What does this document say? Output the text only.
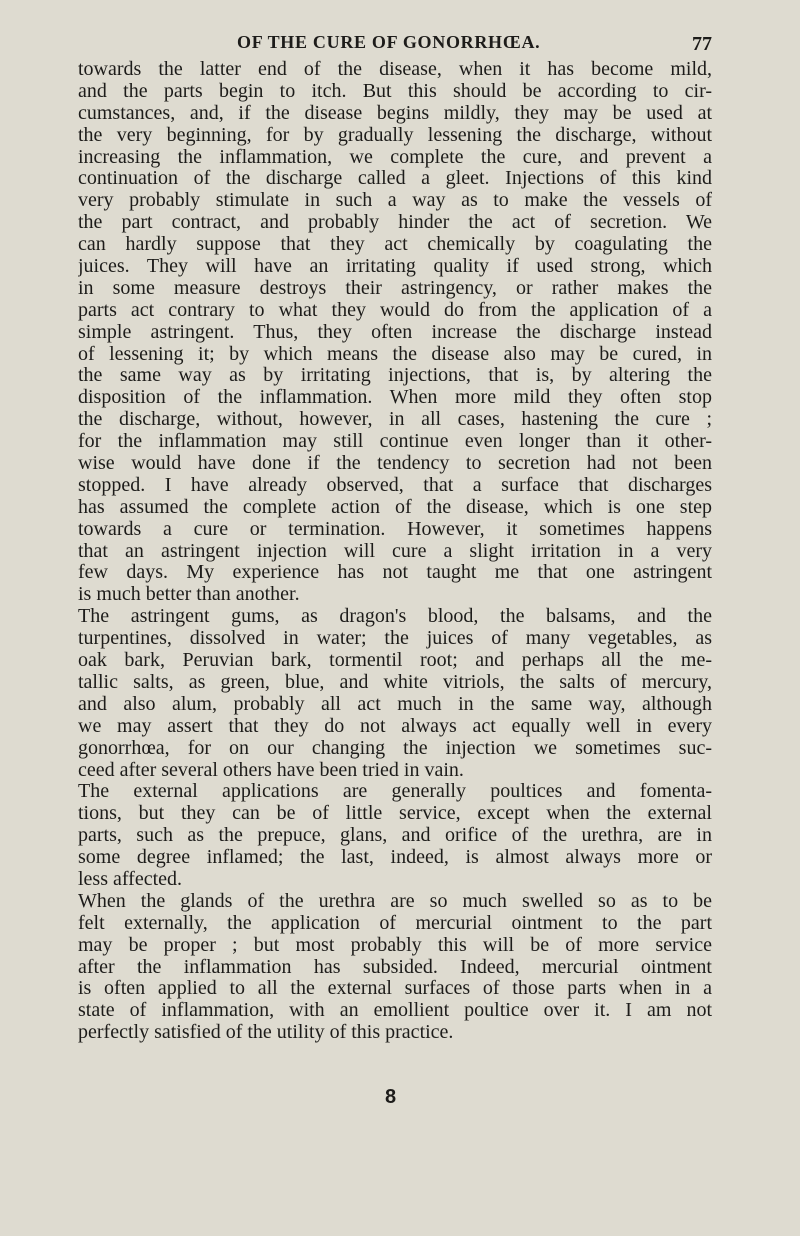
OF THE CURE OF GONORRHŒA.	77
towards the latter end of the disease, when it has become mild,
and the parts begin to itch. But this should be according to cir-
cumstances, and, if the disease begins mildly, they may be used at
the very beginning, for by gradually lessening the discharge, without
increasing the inflammation, we complete the cure, and prevent a
continuation of the discharge called a gleet. Injections of this kind
very probably stimulate in such a way as to make the vessels of
the part contract, and probably hinder the act of secretion. We
can hardly suppose that they act chemically by coagulating the
juices. They will have an irritating quality if used strong, which
in some measure destroys their astringency, or rather makes the
parts act contrary to what they would do from the application of a
simple astringent. Thus, they often increase the discharge instead
of lessening it; by which means the disease also may be cured, in
the same way as by irritating injections, that is, by altering the
disposition of the inflammation. When more mild they often stop
the discharge, without, however, in all cases, hastening the cure ;
for the inflammation may still continue even longer than it other-
wise would have done if the tendency to secretion had not been
stopped. I have already observed, that a surface that discharges
has assumed the complete action of the disease, which is one step
towards a cure or termination. However, it sometimes happens
that an astringent injection will cure a slight irritation in a very
few days. My experience has not taught me that one astringent
is much better than another.
The astringent gums, as dragon's blood, the balsams, and the
turpentines, dissolved in water; the juices of many vegetables, as
oak bark, Peruvian bark, tormentil root; and perhaps all the me-
tallic salts, as green, blue, and white vitriols, the salts of mercury,
and also alum, probably all act much in the same way, although
we may assert that they do not always act equally well in every
gonorrhœa, for on our changing the injection we sometimes suc-
ceed after several others have been tried in vain.
The external applications are generally poultices and fomenta-
tions, but they can be of little service, except when the external
parts, such as the prepuce, glans, and orifice of the urethra, are in
some degree inflamed; the last, indeed, is almost always more or
less affected.
When the glands of the urethra are so much swelled so as to be
felt externally, the application of mercurial ointment to the part
may be proper ; but most probably this will be of more service
after the inflammation has subsided. Indeed, mercurial ointment
is often applied to all the external surfaces of those parts when in a
state of inflammation, with an emollient poultice over it. I am not
perfectly satisfied of the utility of this practice.
8
